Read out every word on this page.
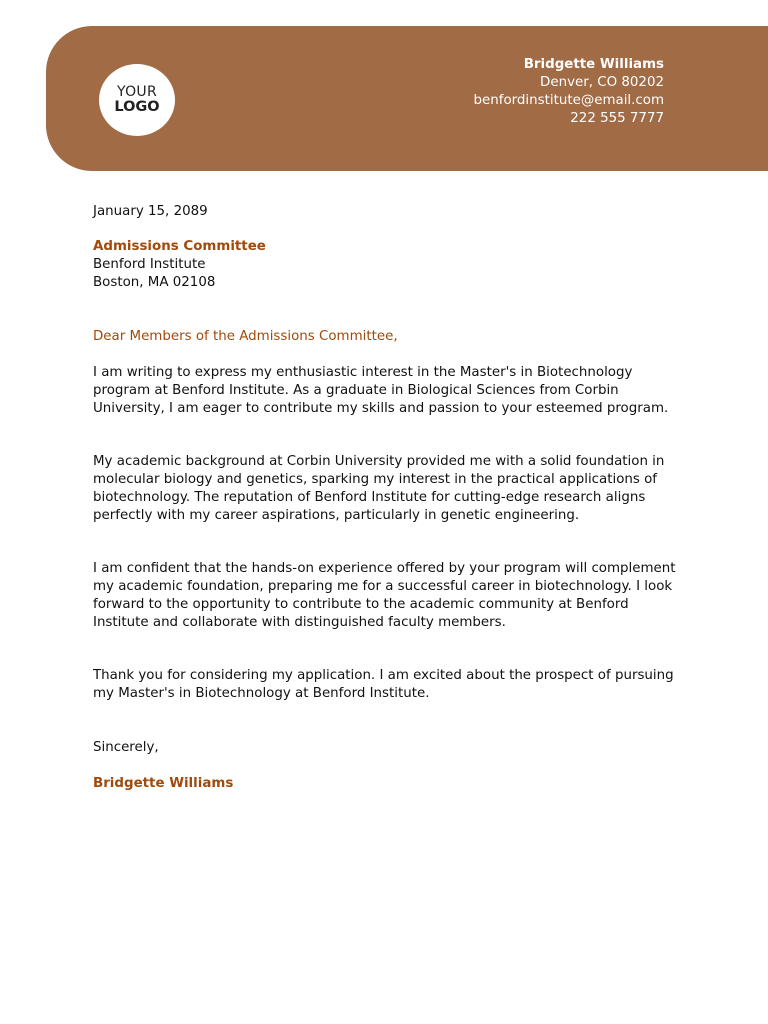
YOUR
LOGO
Bridgette Williams
Denver, CO 80202
benfordinstitute@email.com
222 555 7777
January 15, 2089
Admissions Committee
Benford Institute
Boston, MA 02108
Dear Members of the Admissions Committee,

I am writing to express my enthusiastic interest in the Master's in Biotechnology program at Benford Institute. As a graduate in Biological Sciences from Corbin University, I am eager to contribute my skills and passion to your esteemed program.

My academic background at Corbin University provided me with a solid foundation in molecular biology and genetics, sparking my interest in the practical applications of biotechnology. The reputation of Benford Institute for cutting-edge research aligns perfectly with my career aspirations, particularly in genetic engineering.

I am confident that the hands-on experience offered by your program will complement my academic foundation, preparing me for a successful career in biotechnology. I look forward to the opportunity to contribute to the academic community at Benford Institute and collaborate with distinguished faculty members.

Thank you for considering my application. I am excited about the prospect of pursuing my Master's in Biotechnology at Benford Institute.

Sincerely,
Bridgette Williams
